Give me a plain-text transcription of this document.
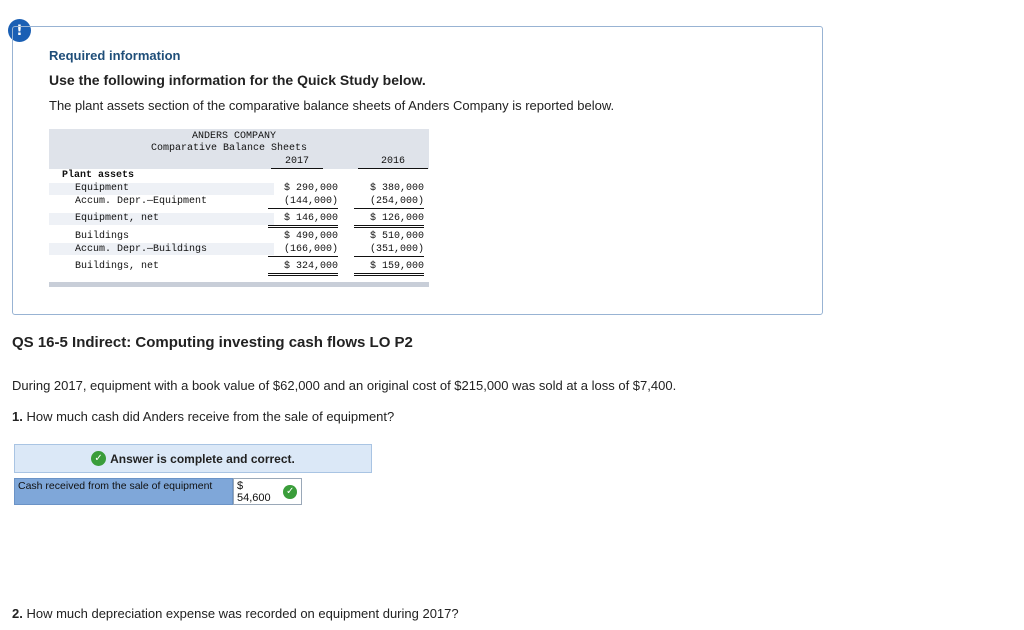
!
Required information
Use the following information for the Quick Study below.
The plant assets section of the comparative balance sheets of Anders Company is reported below.
ANDERS COMPANY
Comparative Balance Sheets
2017	2016
Plant assets
Equipment	$ 290,000	$ 380,000
Accum. Depr.—Equipment	(144,000)	(254,000)
Equipment, net	$ 146,000	$ 126,000
Buildings	$ 490,000	$ 510,000
Accum. Depr.—Buildings	(166,000)	(351,000)
Buildings, net	$ 324,000	$ 159,000
QS 16-5 Indirect: Computing investing cash flows LO P2
During 2017, equipment with a book value of $62,000 and an original cost of $215,000 was sold at a loss of $7,400.
1. How much cash did Anders receive from the sale of equipment?
✓ Answer is complete and correct.
Cash received from the sale of equipment	$ 54,600	✓
2. How much depreciation expense was recorded on equipment during 2017?
